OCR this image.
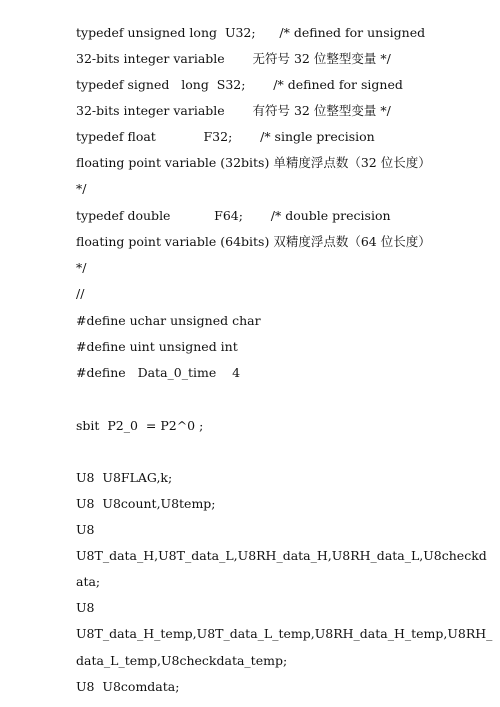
typedef unsigned long  U32;      /* defined for unsigned
32-bits integer variable       无符号 32 位整型变量 */
typedef signed   long  S32;       /* defined for signed
32-bits integer variable       有符号 32 位整型变量 */
typedef float            F32;       /* single precision
floating point variable (32bits) 单精度浮点数（32 位长度）
*/
typedef double           F64;       /* double precision
floating point variable (64bits) 双精度浮点数（64 位长度）
*/
//
#define uchar unsigned char
#define uint unsigned int
#define   Data_0_time    4
sbit  P2_0  = P2^0 ;
U8  U8FLAG,k;
U8  U8count,U8temp;
U8
U8T_data_H,U8T_data_L,U8RH_data_H,U8RH_data_L,U8checkd
ata;
U8
U8T_data_H_temp,U8T_data_L_temp,U8RH_data_H_temp,U8RH_
data_L_temp,U8checkdata_temp;
U8  U8comdata;
